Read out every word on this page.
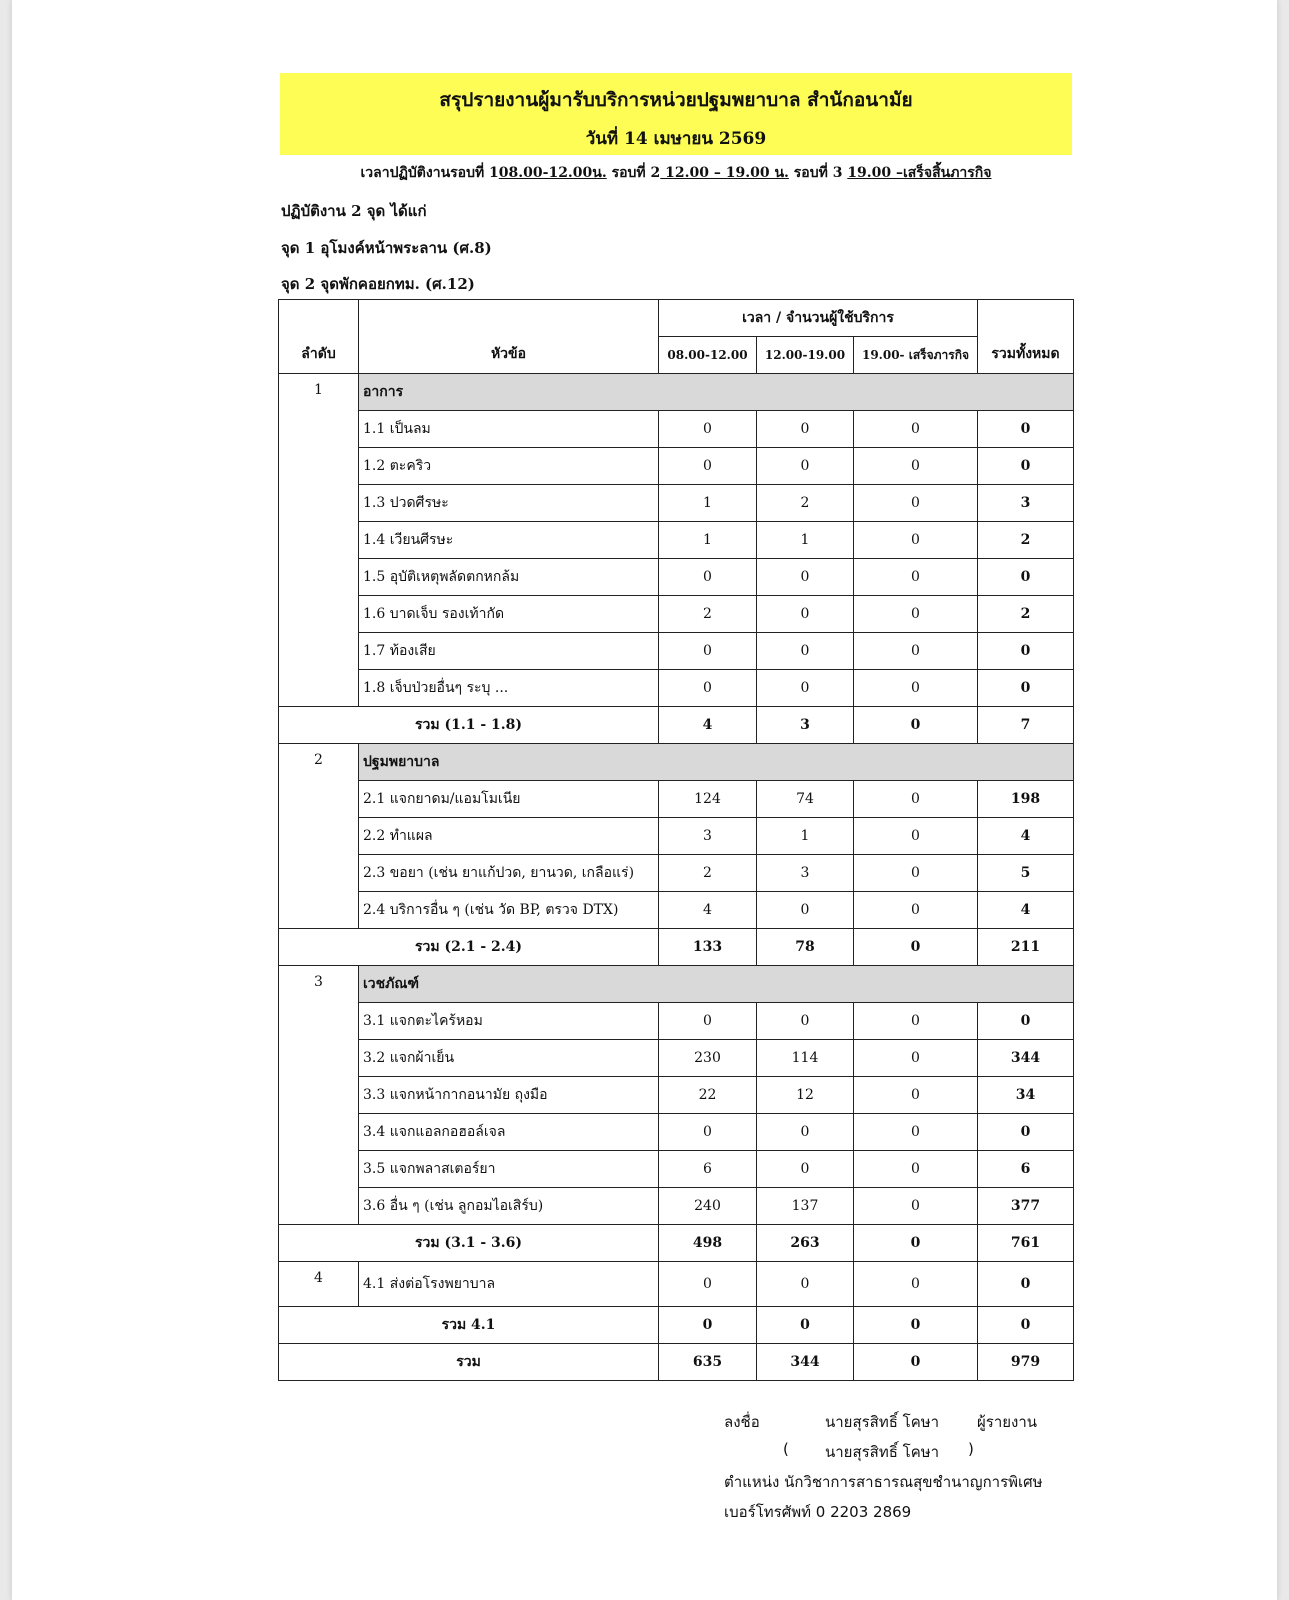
สรุปรายงานผู้มารับบริการหน่วยปฐมพยาบาล สำนักอนามัย
วันที่ 14 เมษายน 2569
เวลาปฏิบัติงานรอบที่ 108.00-12.00น. รอบที่ 2 12.00 – 19.00 น. รอบที่ 3 19.00 –เสร็จสิ้นภารกิจ
ปฏิบัติงาน 2 จุด ได้แก่
จุด 1 อุโมงค์หน้าพระลาน (ศ.8)
จุด 2 จุดพักคอยกทม. (ศ.12)
ลำดับ	หัวข้อ	เวลา / จำนวนผู้ใช้บริการ			รวมทั้งหมด
		08.00-12.00	12.00-19.00	19.00- เสร็จภารกิจ	
1	อาการ				
	1.1 เป็นลม	0	0	0	0
	1.2 ตะคริว	0	0	0	0
	1.3 ปวดศีรษะ	1	2	0	3
	1.4 เวียนศีรษะ	1	1	0	2
	1.5 อุบัติเหตุพลัดตกหกล้ม	0	0	0	0
	1.6 บาดเจ็บ รองเท้ากัด	2	0	0	2
	1.7 ท้องเสีย	0	0	0	0
	1.8 เจ็บป่วยอื่นๆ ระบุ ...	0	0	0	0
รวม (1.1 - 1.8)		4	3	0	7
2	ปฐมพยาบาล				
	2.1 แจกยาดม/แอมโมเนีย	124	74	0	198
	2.2 ทำแผล	3	1	0	4
	2.3 ขอยา (เช่น ยาแก้ปวด, ยานวด, เกลือแร่)	2	3	0	5
	2.4 บริการอื่น ๆ (เช่น วัด BP, ตรวจ DTX)	4	0	0	4
รวม (2.1 - 2.4)		133	78	0	211
3	เวชภัณฑ์				
	3.1 แจกตะไคร้หอม	0	0	0	0
	3.2 แจกผ้าเย็น	230	114	0	344
	3.3 แจกหน้ากากอนามัย ถุงมือ	22	12	0	34
	3.4 แจกแอลกอฮอล์เจล	0	0	0	0
	3.5 แจกพลาสเตอร์ยา	6	0	0	6
	3.6 อื่น ๆ (เช่น ลูกอมไอเสิร์บ)	240	137	0	377
รวม (3.1 - 3.6)		498	263	0	761
4	4.1 ส่งต่อโรงพยาบาล	0	0	0	0
รวม 4.1		0	0	0	0
รวม		635	344	0	979
ลงชื่อ	นายสุรสิทธิ์ โคษา	ผู้รายงาน
( นายสุรสิทธิ์ โคษา )
ตำแหน่ง นักวิชาการสาธารณสุขชำนาญการพิเศษ
เบอร์โทรศัพท์ 0 2203 2869
